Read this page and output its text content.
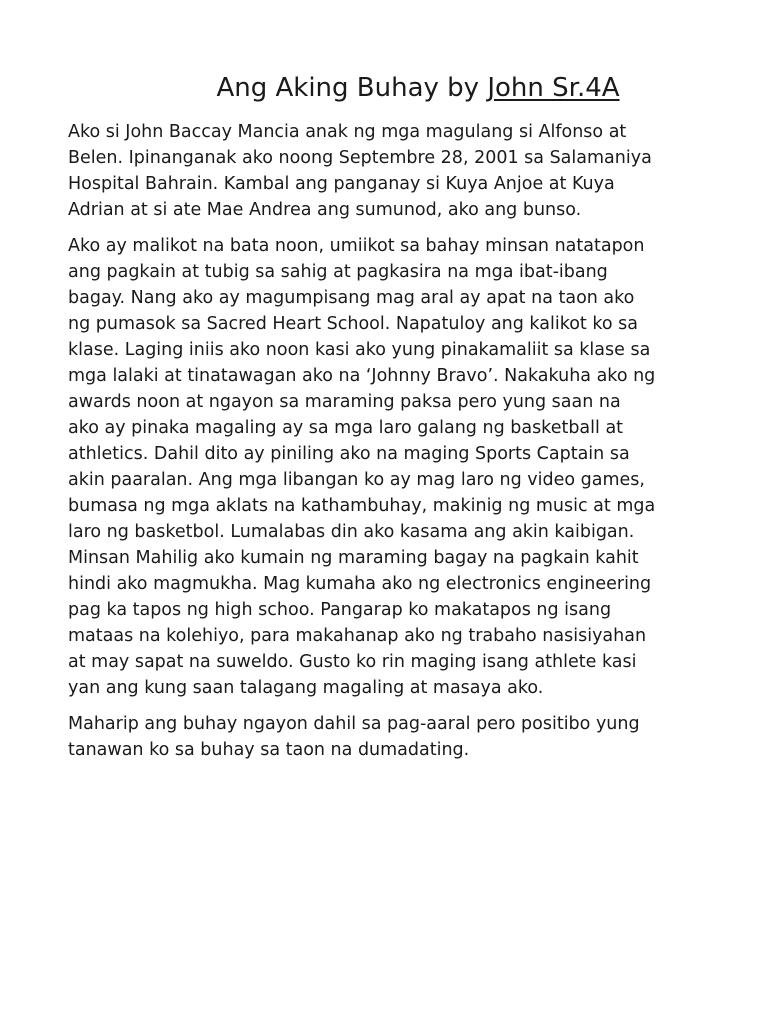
Ang Aking Buhay by John Sr.4A

Ako si John Baccay Mancia anak ng mga magulang si Alfonso at
Belen. Ipinanganak ako noong Septembre 28, 2001 sa Salamaniya
Hospital Bahrain. Kambal ang panganay si Kuya Anjoe at Kuya
Adrian at si ate Mae Andrea ang sumunod, ako ang bunso.

Ako ay malikot na bata noon, umiikot sa bahay minsan natatapon
ang pagkain at tubig sa sahig at pagkasira na mga ibat-ibang
bagay. Nang ako ay magumpisang mag aral ay apat na taon ako
ng pumasok sa Sacred Heart School. Napatuloy ang kalikot ko sa
klase. Laging iniis ako noon kasi ako yung pinakamaliit sa klase sa
mga lalaki at tinatawagan ako na ‘Johnny Bravo’. Nakakuha ako ng
awards noon at ngayon sa maraming paksa pero yung saan na
ako ay pinaka magaling ay sa mga laro galang ng basketball at
athletics. Dahil dito ay piniling ako na maging Sports Captain sa
akin paaralan. Ang mga libangan ko ay mag laro ng video games,
bumasa ng mga aklats na kathambuhay, makinig ng music at mga
laro ng basketbol. Lumalabas din ako kasama ang akin kaibigan.
Minsan Mahilig ako kumain ng maraming bagay na pagkain kahit
hindi ako magmukha. Mag kumaha ako ng electronics engineering
pag ka tapos ng high schoo. Pangarap ko makatapos ng isang
mataas na kolehiyo, para makahanap ako ng trabaho nasisiyahan
at may sapat na suweldo. Gusto ko rin maging isang athlete kasi
yan ang kung saan talagang magaling at masaya ako.

Maharip ang buhay ngayon dahil sa pag-aaral pero positibo yung
tanawan ko sa buhay sa taon na dumadating.
